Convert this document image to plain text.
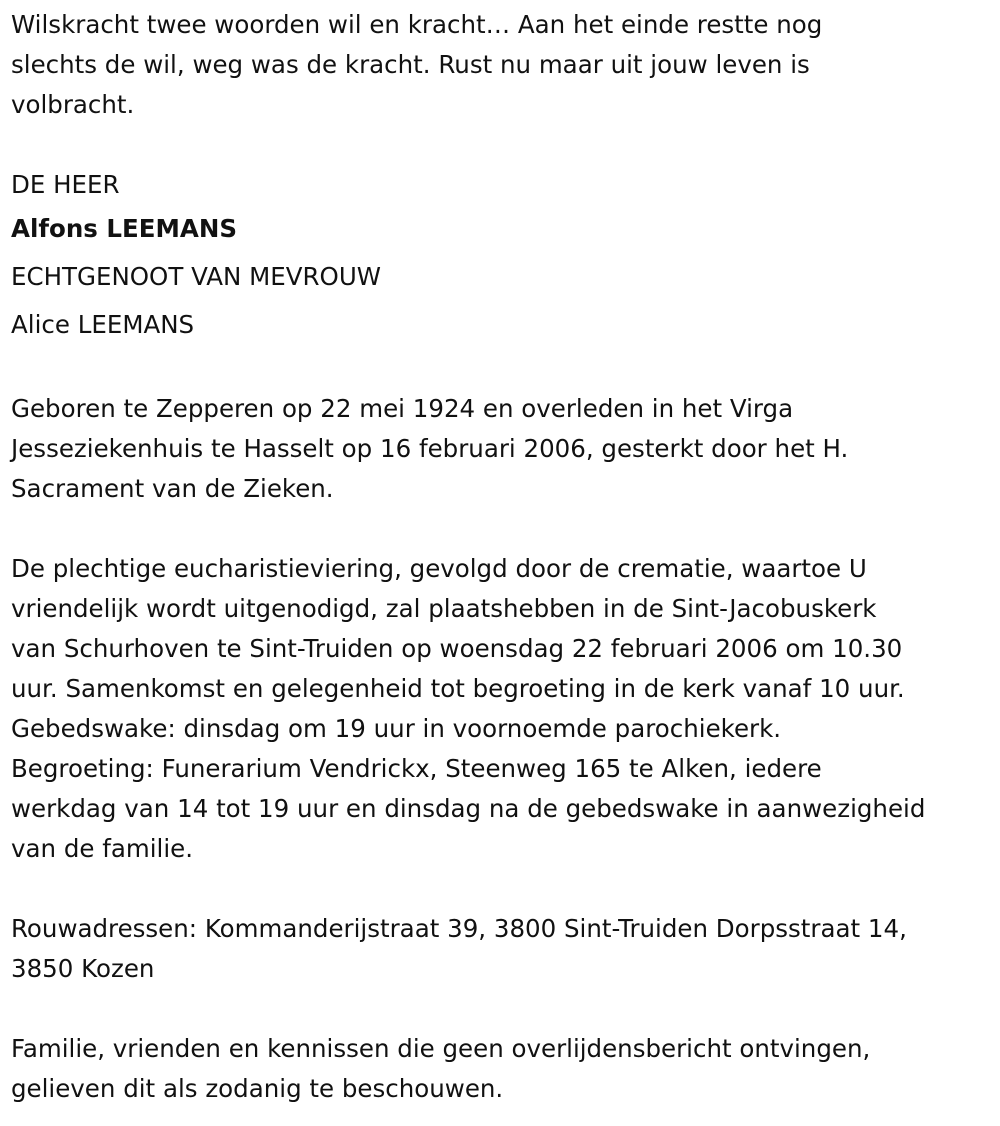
Wilskracht twee woorden wil en kracht… Aan het einde restte nog
slechts de wil, weg was de kracht. Rust nu maar uit jouw leven is
volbracht.

DE HEER

Alfons LEEMANS

ECHTGENOOT VAN MEVROUW

Alice LEEMANS

Geboren te Zepperen op 22 mei 1924 en overleden in het Virga
Jesseziekenhuis te Hasselt op 16 februari 2006, gesterkt door het H.
Sacrament van de Zieken.

De plechtige eucharistieviering, gevolgd door de crematie, waartoe U
vriendelijk wordt uitgenodigd, zal plaatshebben in de Sint-Jacobuskerk
van Schurhoven te Sint-Truiden op woensdag 22 februari 2006 om 10.30
uur. Samenkomst en gelegenheid tot begroeting in de kerk vanaf 10 uur.
Gebedswake: dinsdag om 19 uur in voornoemde parochiekerk.
Begroeting: Funerarium Vendrickx, Steenweg 165 te Alken, iedere
werkdag van 14 tot 19 uur en dinsdag na de gebedswake in aanwezigheid
van de familie.

Rouwadressen: Kommanderijstraat 39, 3800 Sint-Truiden Dorpsstraat 14,
3850 Kozen

Familie, vrienden en kennissen die geen overlijdensbericht ontvingen,
gelieven dit als zodanig te beschouwen.
